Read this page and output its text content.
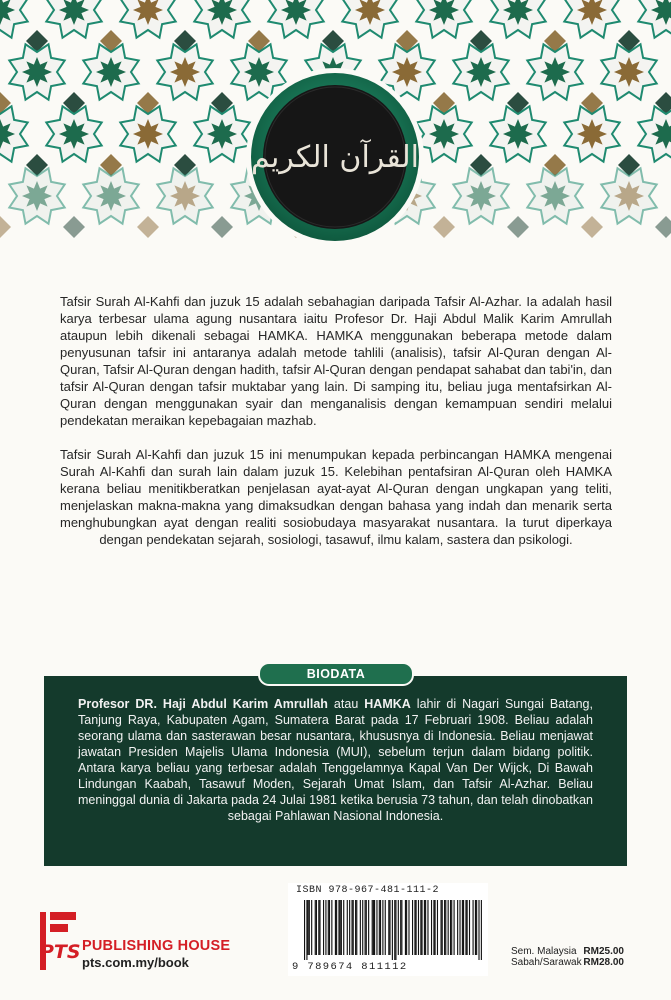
القرآن الكريم

Tafsir Surah Al-Kahfi dan juzuk 15 adalah sebahagian daripada Tafsir Al-Azhar. Ia adalah hasil karya terbesar ulama agung nusantara iaitu Profesor Dr. Haji Abdul Malik Karim Amrullah ataupun lebih dikenali sebagai HAMKA. HAMKA menggunakan beberapa metode dalam penyusunan tafsir ini antaranya adalah metode tahlili (analisis), tafsir Al-Quran dengan Al-Quran, Tafsir Al-Quran dengan hadith, tafsir Al-Quran dengan pendapat sahabat dan tabi'in, dan tafsir Al-Quran dengan tafsir muktabar yang lain. Di samping itu, beliau juga mentafsirkan Al-Quran dengan menggunakan syair dan menganalisis dengan kemampuan sendiri melalui pendekatan meraikan kepebagaian mazhab.

Tafsir Surah Al-Kahfi dan juzuk 15 ini menumpukan kepada perbincangan HAMKA mengenai Surah Al-Kahfi dan surah lain dalam juzuk 15. Kelebihan pentafsiran Al-Quran oleh HAMKA kerana beliau menitikberatkan penjelasan ayat-ayat Al-Quran dengan ungkapan yang teliti, menjelaskan makna-makna yang dimaksudkan dengan bahasa yang indah dan menarik serta menghubungkan ayat dengan realiti sosiobudaya masyarakat nusantara. Ia turut diperkaya dengan pendekatan sejarah, sosiologi, tasawuf, ilmu kalam, sastera dan psikologi.

BIODATA

Profesor DR. Haji Abdul Karim Amrullah atau HAMKA lahir di Nagari Sungai Batang, Tanjung Raya, Kabupaten Agam, Sumatera Barat pada 17 Februari 1908. Beliau adalah seorang ulama dan sasterawan besar nusantara, khususnya di Indonesia. Beliau menjawat jawatan Presiden Majelis Ulama Indonesia (MUI), sebelum terjun dalam bidang politik. Antara karya beliau yang terbesar adalah Tenggelamnya Kapal Van Der Wijck, Di Bawah Lindungan Kaabah, Tasawuf Moden, Sejarah Umat Islam, dan Tafsir Al-Azhar. Beliau meninggal dunia di Jakarta pada 24 Julai 1981 ketika berusia 73 tahun, dan telah dinobatkan sebagai Pahlawan Nasional Indonesia.

ISBN 978-967-481-111-2
9 789674 811112
PTS PUBLISHING HOUSE
pts.com.my/book
Sem. Malaysia RM25.00
Sabah/Sarawak RM28.00
